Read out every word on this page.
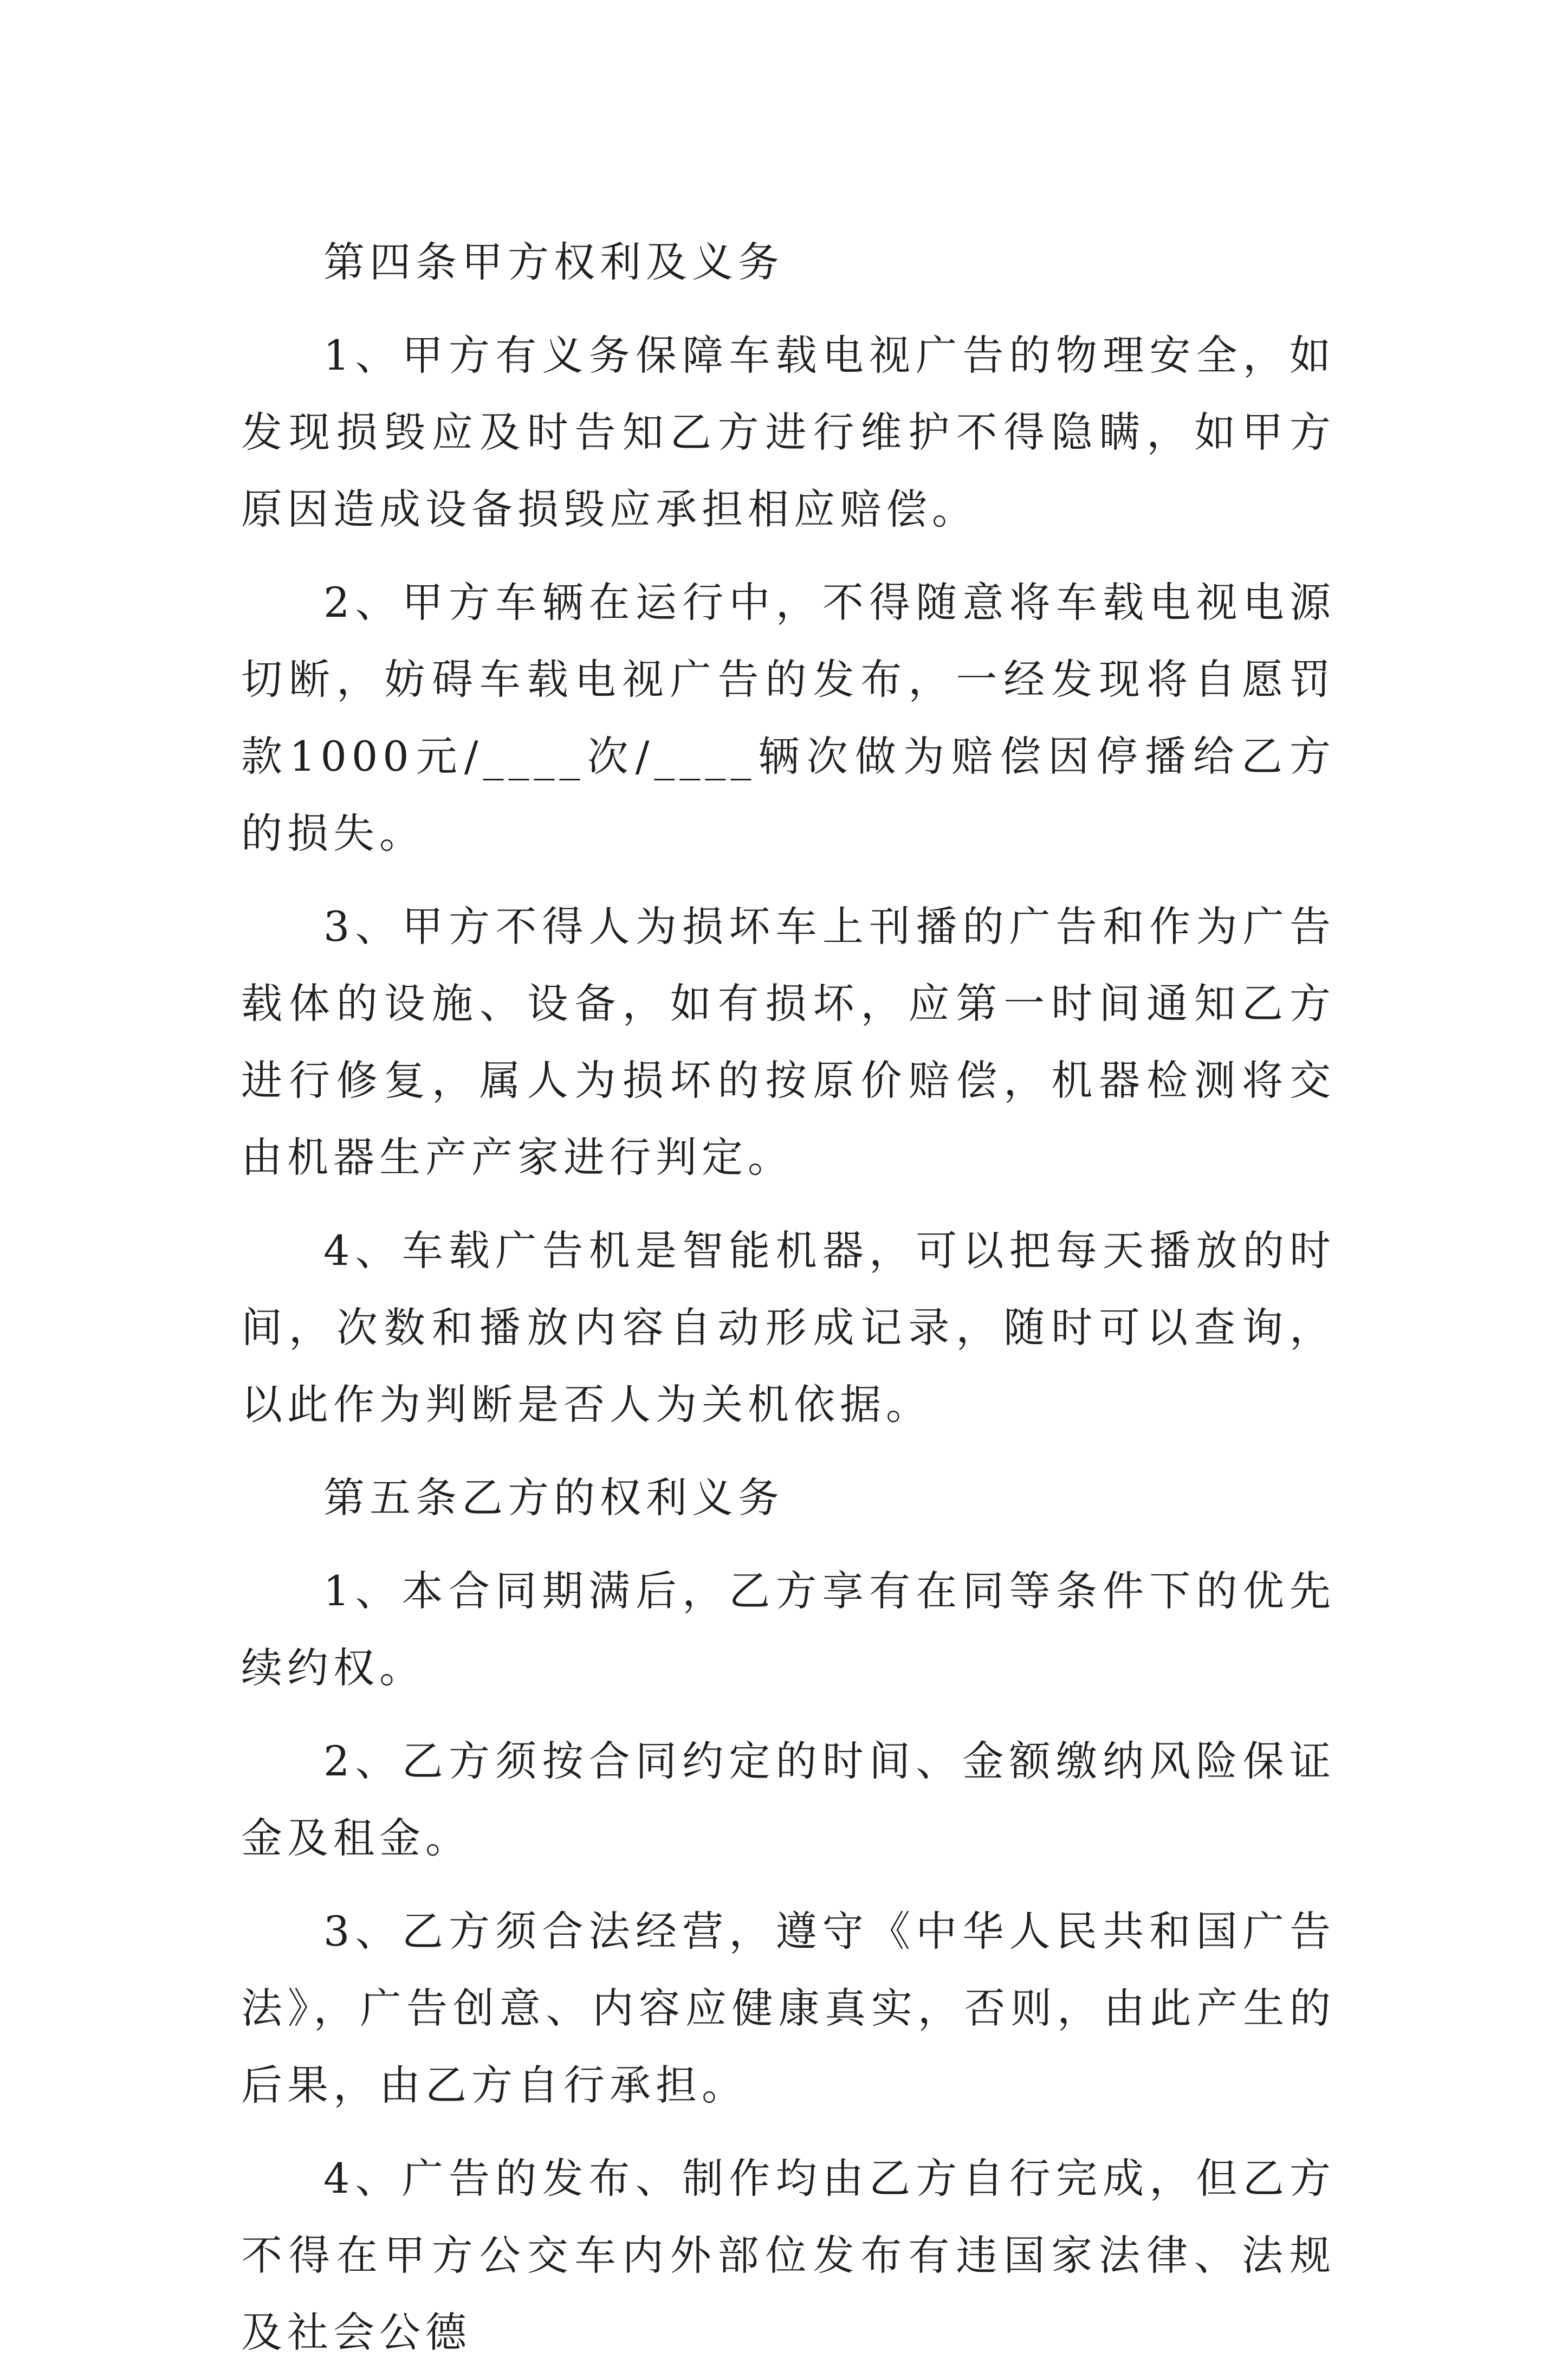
第四条甲方权利及义务

1、甲方有义务保障车载电视广告的物理安全，如发现损毁应及时告知乙方进行维护不得隐瞒，如甲方原因造成设备损毁应承担相应赔偿。

2、甲方车辆在运行中，不得随意将车载电视电源切断，妨碍车载电视广告的发布，一经发现将自愿罚款1000元/____次/____辆次做为赔偿因停播给乙方的损失。

3、甲方不得人为损坏车上刊播的广告和作为广告载体的设施、设备，如有损坏，应第一时间通知乙方进行修复，属人为损坏的按原价赔偿，机器检测将交由机器生产产家进行判定。

4、车载广告机是智能机器，可以把每天播放的时间，次数和播放内容自动形成记录，随时可以查询，以此作为判断是否人为关机依据。

第五条乙方的权利义务

1、本合同期满后，乙方享有在同等条件下的优先续约权。

2、乙方须按合同约定的时间、金额缴纳风险保证金及租金。

3、乙方须合法经营，遵守《中华人民共和国广告法》，广告创意、内容应健康真实，否则，由此产生的后果，由乙方自行承担。

4、广告的发布、制作均由乙方自行完成，但乙方不得在甲方公交车内外部位发布有违国家法律、法规及社会公德
